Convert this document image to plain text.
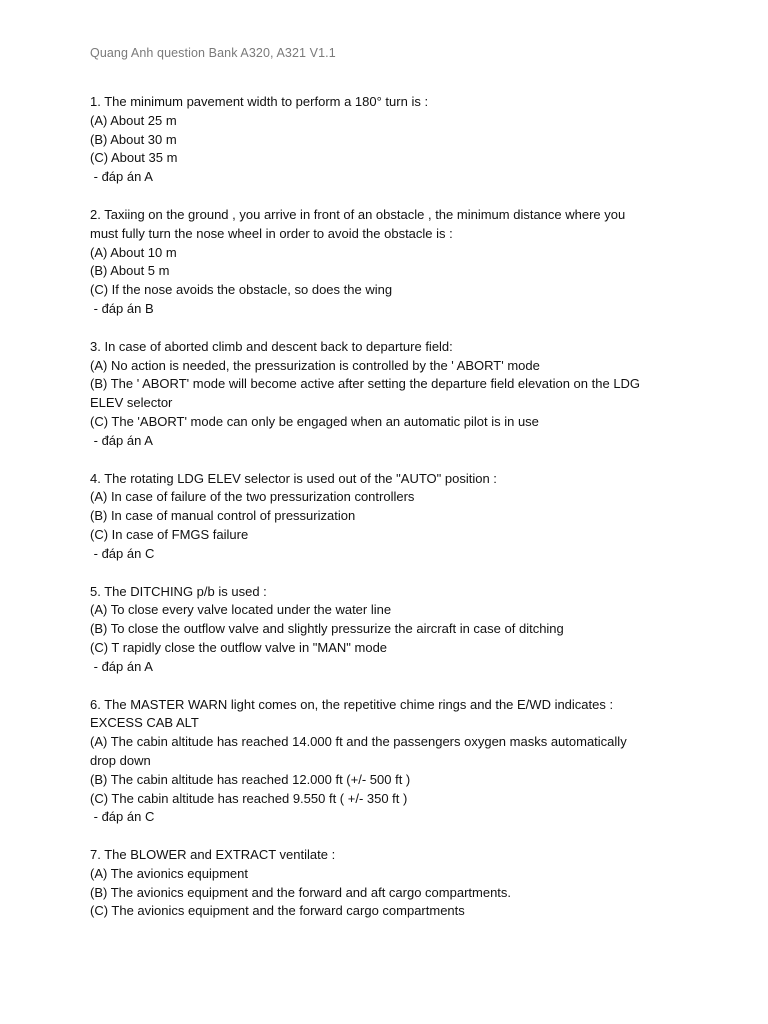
Quang Anh question Bank A320, A321 V1.1
1. The minimum pavement width to perform a 180° turn is :
(A) About 25 m
(B) About 30 m
(C) About 35 m
- đáp án A
2. Taxiing on the ground , you arrive in front of an obstacle , the minimum distance where you
must fully turn the nose wheel in order to avoid the obstacle is :
(A) About 10 m
(B) About 5 m
(C) If the nose avoids the obstacle, so does the wing
- đáp án B
3. In case of aborted climb and descent back to departure field:
(A) No action is needed, the pressurization is controlled by the ' ABORT' mode
(B) The ' ABORT' mode will become active after setting the departure field elevation on the LDG
ELEV selector
(C) The 'ABORT' mode can only be engaged when an automatic pilot is in use
- đáp án A
4. The rotating LDG ELEV selector is used out of the "AUTO" position :
(A) In case of failure of the two pressurization controllers
(B) In case of manual control of pressurization
(C) In case of FMGS failure
- đáp án C
5. The DITCHING p/b is used :
(A) To close every valve located under the water line
(B) To close the outflow valve and slightly pressurize the aircraft in case of ditching
(C) T rapidly close the outflow valve in "MAN" mode
- đáp án A
6. The MASTER WARN light comes on, the repetitive chime rings and the E/WD indicates :
EXCESS CAB ALT
(A) The cabin altitude has reached 14.000 ft and the passengers oxygen masks automatically
drop down
(B) The cabin altitude has reached 12.000 ft (+/- 500 ft )
(C) The cabin altitude has reached 9.550 ft ( +/- 350 ft )
- đáp án C
7. The BLOWER and EXTRACT ventilate :
(A) The avionics equipment
(B) The avionics equipment and the forward and aft cargo compartments.
(C) The avionics equipment and the forward cargo compartments
